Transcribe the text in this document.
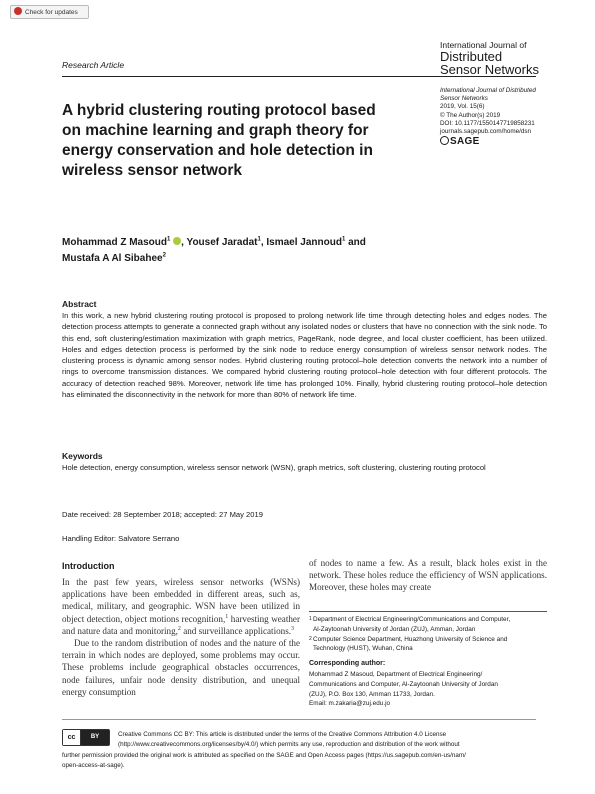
Check for updates
Research Article
International Journal of
Distributed
Sensor Networks
International Journal of Distributed
Sensor Networks
2019, Vol. 15(6)
© The Author(s) 2019
DOI: 10.1177/1550147719858231
journals.sagepub.com/home/dsn
SAGE
A hybrid clustering routing protocol based on machine learning and graph theory for energy conservation and hole detection in wireless sensor network
Mohammad Z Masoud$^1$ , Yousef Jaradat$^1$, Ismael Jannoud$^1$ and
Mustafa A Al Sibahee$^2$
Abstract
In this work, a new hybrid clustering routing protocol is proposed to prolong network life time through detecting holes and edges nodes. The detection process attempts to generate a connected graph without any isolated nodes or clusters that have no connection with the sink node. To this end, soft clustering/estimation maximization with graph metrics, PageRank, node degree, and local cluster coefficient, has been utilized. Holes and edges detection process is performed by the sink node to reduce energy consumption of wireless sensor network nodes. The clustering process is dynamic among sensor nodes. Hybrid clustering routing protocol–hole detection converts the network into a number of rings to overcome transmission distances. We compared hybrid clustering routing protocol–hole detection with four different protocols. The accuracy of detection reached 98%. Moreover, network life time has prolonged 10%. Finally, hybrid clustering routing protocol–hole detection has eliminated the disconnectivity in the network for more than 80% of network life time.
Keywords
Hole detection, energy consumption, wireless sensor network (WSN), graph metrics, soft clustering, clustering routing protocol
Date received: 28 September 2018; accepted: 27 May 2019
Handling Editor: Salvatore Serrano
Introduction

In the past few years, wireless sensor networks (WSNs) applications have been embedded in different areas, such as, medical, military, and geographic. WSN have been utilized in object detection, object motions recognition,$^1$ harvesting weather and nature data and monitoring,$^2$ and surveillance applications.$^3$

Due to the random distribution of nodes and the nature of the terrain in which nodes are deployed, some problems may occur. These problems include geographical obstacles occurrences, node failures, unfair node density distribution, and unequal energy consumption

of nodes to name a few. As a result, black holes exist in the network. These holes reduce the efficiency of WSN applications. Moreover, these holes may create
1 Department of Electrical Engineering/Communications and Computer,
Al-Zaytoonah University of Jordan (ZUJ), Amman, Jordan
2 Computer Science Department, Huazhong University of Science and
Technology (HUST), Wuhan, China
Corresponding author:
Mohammad Z Masoud, Department of Electrical Engineering/
Communications and Computer, Al-Zaytoonah University of Jordan
(ZUJ), P.O. Box 130, Amman 11733, Jordan.
Email: m.zakaria@zuj.edu.jo
cc	BY	Creative Commons CC BY: This article is distributed under the terms of the Creative Commons Attribution 4.0 License
(http://www.creativecommons.org/licenses/by/4.0/) which permits any use, reproduction and distribution of the work without
further permission provided the original work is attributed as specified on the SAGE and Open Access pages (https://us.sagepub.com/en-us/nam/
open-access-at-sage).
